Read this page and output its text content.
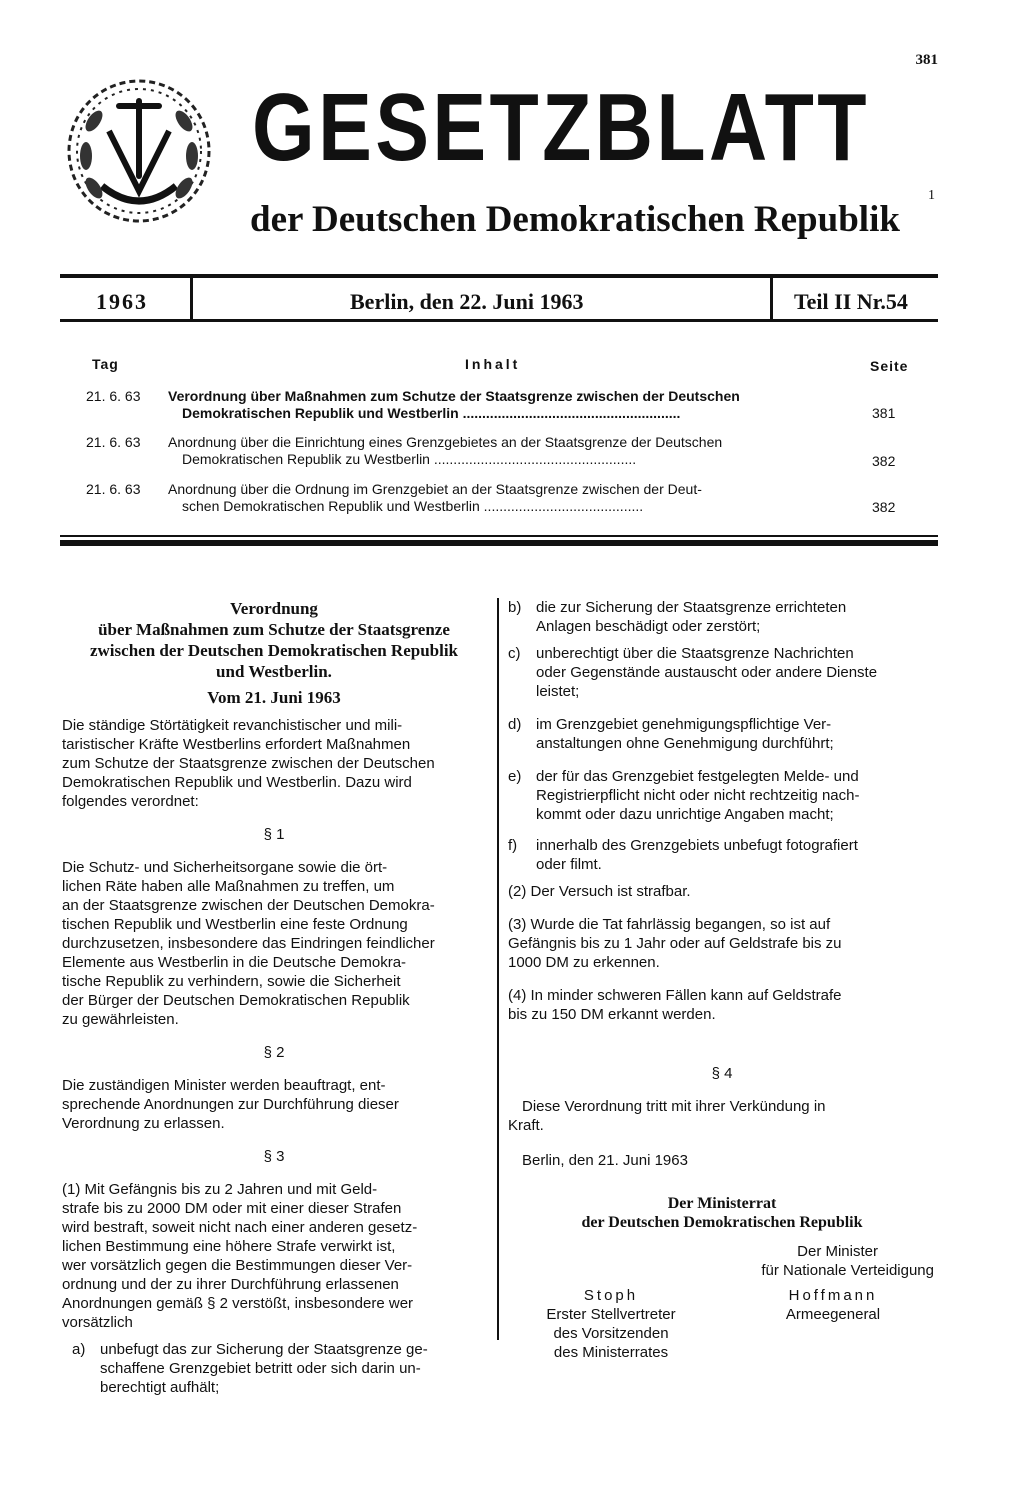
381
GESETZBLATT
der Deutschen Demokratischen Republik
1
1963	Berlin, den 22. Juni 1963	Teil II Nr.54
Tag	Inhalt	Seite
21. 6. 63 Verordnung über Maßnahmen zum Schutze der Staatsgrenze zwischen der Deutschen
Demokratischen Republik und Westberlin ........................................................	381
21. 6. 63 Anordnung über die Einrichtung eines Grenzgebietes an der Staatsgrenze der Deutschen
Demokratischen Republik zu Westberlin ....................................................	382
21. 6. 63 Anordnung über die Ordnung im Grenzgebiet an der Staatsgrenze zwischen der Deut-
schen Demokratischen Republik und Westberlin .........................................	382
Verordnung
über Maßnahmen zum Schutze der Staatsgrenze
zwischen der Deutschen Demokratischen Republik
und Westberlin.
Vom 21. Juni 1963
Die ständige Störtätigkeit revanchistischer und mili-
taristischer Kräfte Westberlins erfordert Maßnahmen
zum Schutze der Staatsgrenze zwischen der Deutschen
Demokratischen Republik und Westberlin. Dazu wird
folgendes verordnet:
§ 1
Die Schutz- und Sicherheitsorgane sowie die ört-
lichen Räte haben alle Maßnahmen zu treffen, um
an der Staatsgrenze zwischen der Deutschen Demokra-
tischen Republik und Westberlin eine feste Ordnung
durchzusetzen, insbesondere das Eindringen feindlicher
Elemente aus Westberlin in die Deutsche Demokra-
tische Republik zu verhindern, sowie die Sicherheit
der Bürger der Deutschen Demokratischen Republik
zu gewährleisten.
§ 2
Die zuständigen Minister werden beauftragt, ent-
sprechende Anordnungen zur Durchführung dieser
Verordnung zu erlassen.
§ 3
(1) Mit Gefängnis bis zu 2 Jahren und mit Geld-
strafe bis zu 2000 DM oder mit einer dieser Strafen
wird bestraft, soweit nicht nach einer anderen gesetz-
lichen Bestimmung eine höhere Strafe verwirkt ist,
wer vorsätzlich gegen die Bestimmungen dieser Ver-
ordnung und der zu ihrer Durchführung erlassenen
Anordnungen gemäß § 2 verstößt, insbesondere wer
vorsätzlich
a) unbefugt das zur Sicherung der Staatsgrenze ge-
schaffene Grenzgebiet betritt oder sich darin un-
berechtigt aufhält;
b) die zur Sicherung der Staatsgrenze errichteten
Anlagen beschädigt oder zerstört;
c) unberechtigt über die Staatsgrenze Nachrichten
oder Gegenstände austauscht oder andere Dienste
leistet;
d) im Grenzgebiet genehmigungspflichtige Ver-
anstaltungen ohne Genehmigung durchführt;
e) der für das Grenzgebiet festgelegten Melde- und
Registrierpflicht nicht oder nicht rechtzeitig nach-
kommt oder dazu unrichtige Angaben macht;
f) innerhalb des Grenzgebiets unbefugt fotografiert
oder filmt.
(2) Der Versuch ist strafbar.
(3) Wurde die Tat fahrlässig begangen, so ist auf
Gefängnis bis zu 1 Jahr oder auf Geldstrafe bis zu
1000 DM zu erkennen.
(4) In minder schweren Fällen kann auf Geldstrafe
bis zu 150 DM erkannt werden.
§ 4
Diese Verordnung tritt mit ihrer Verkündung in
Kraft.
Berlin, den 21. Juni 1963
Der Ministerrat
der Deutschen Demokratischen Republik
Der Minister
für Nationale Verteidigung
Stoph
Erster Stellvertreter
des Vorsitzenden
des Ministerrates
Hoffmann
Armeegeneral
